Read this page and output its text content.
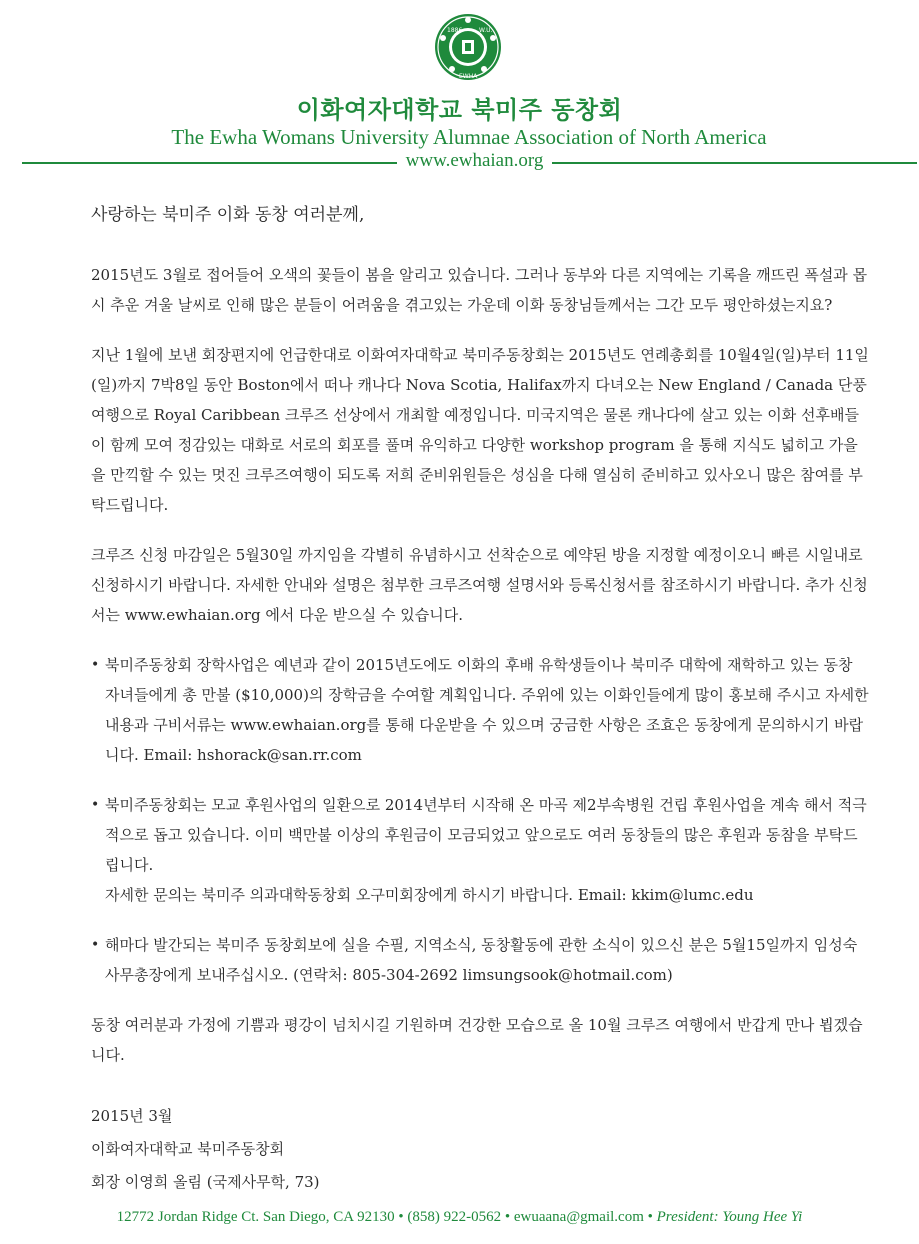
1886
EWHA
W.U.
이화여자대학교 북미주 동창회
The Ewha Womans University Alumnae Association of North America
www.ewhaian.org

사랑하는 북미주 이화 동창 여러분께,

2015년도 3월로 접어들어 오색의 꽃들이 봄을 알리고 있습니다. 그러나 동부와 다른 지역에는 기록을 깨뜨린 폭설과 몹시 추운 겨울 날씨로 인해 많은 분들이 어려움을 겪고있는 가운데 이화 동창님들께서는 그간 모두 평안하셨는지요?

지난 1월에 보낸 회장편지에 언급한대로 이화여자대학교 북미주동창회는 2015년도 연례총회를 10월4일(일)부터 11일(일)까지 7박8일 동안 Boston에서 떠나 캐나다 Nova Scotia, Halifax까지 다녀오는 New England / Canada 단풍여행으로 Royal Caribbean 크루즈 선상에서 개최할 예정입니다. 미국지역은 물론 캐나다에 살고 있는 이화 선후배들이 함께 모여 정감있는 대화로 서로의 회포를 풀며 유익하고 다양한 workshop program 을 통해 지식도 넓히고 가을을 만끽할 수 있는 멋진 크루즈여행이 되도록 저희 준비위원들은 성심을 다해 열심히 준비하고 있사오니 많은 참여를 부탁드립니다.

크루즈 신청 마감일은 5월30일 까지임을 각별히 유념하시고 선착순으로 예약된 방을 지정할 예정이오니 빠른 시일내로 신청하시기 바랍니다. 자세한 안내와 설명은 첨부한 크루즈여행 설명서와 등록신청서를 참조하시기 바랍니다. 추가 신청서는 www.ewhaian.org 에서 다운 받으실 수 있습니다.

• 북미주동창회 장학사업은 예년과 같이 2015년도에도 이화의 후배 유학생들이나 북미주 대학에 재학하고 있는 동창 자녀들에게 총 만불 ($10,000)의 장학금을 수여할 계획입니다. 주위에 있는 이화인들에게 많이 홍보해 주시고 자세한 내용과 구비서류는 www.ewhaian.org를 통해 다운받을 수 있으며 궁금한 사항은 조효은 동창에게 문의하시기 바랍니다. Email: hshorack@san.rr.com
• 북미주동창회는 모교 후원사업의 일환으로 2014년부터 시작해 온 마곡 제2부속병원 건립 후원사업을 계속 해서 적극적으로 돕고 있습니다. 이미 백만불 이상의 후원금이 모금되었고 앞으로도 여러 동창들의 많은 후원과 동참을 부탁드립니다.
자세한 문의는 북미주 의과대학동창회 오구미회장에게 하시기 바랍니다. Email: kkim@lumc.edu
• 해마다 발간되는 북미주 동창회보에 실을 수필, 지역소식, 동창활동에 관한 소식이 있으신 분은 5월15일까지 임성숙 사무총장에게 보내주십시오. (연락처: 805-304-2692 limsungsook@hotmail.com)

동창 여러분과 가정에 기쁨과 평강이 넘치시길 기원하며 건강한 모습으로 올 10월 크루즈 여행에서 반갑게 만나 뵙겠습니다.

2015년 3월
이화여자대학교 북미주동창회
회장 이영희 올림 (국제사무학, 73)
12772 Jordan Ridge Ct. San Diego, CA 92130 • (858) 922-0562 • ewuaana@gmail.com • President: Young Hee Yi
